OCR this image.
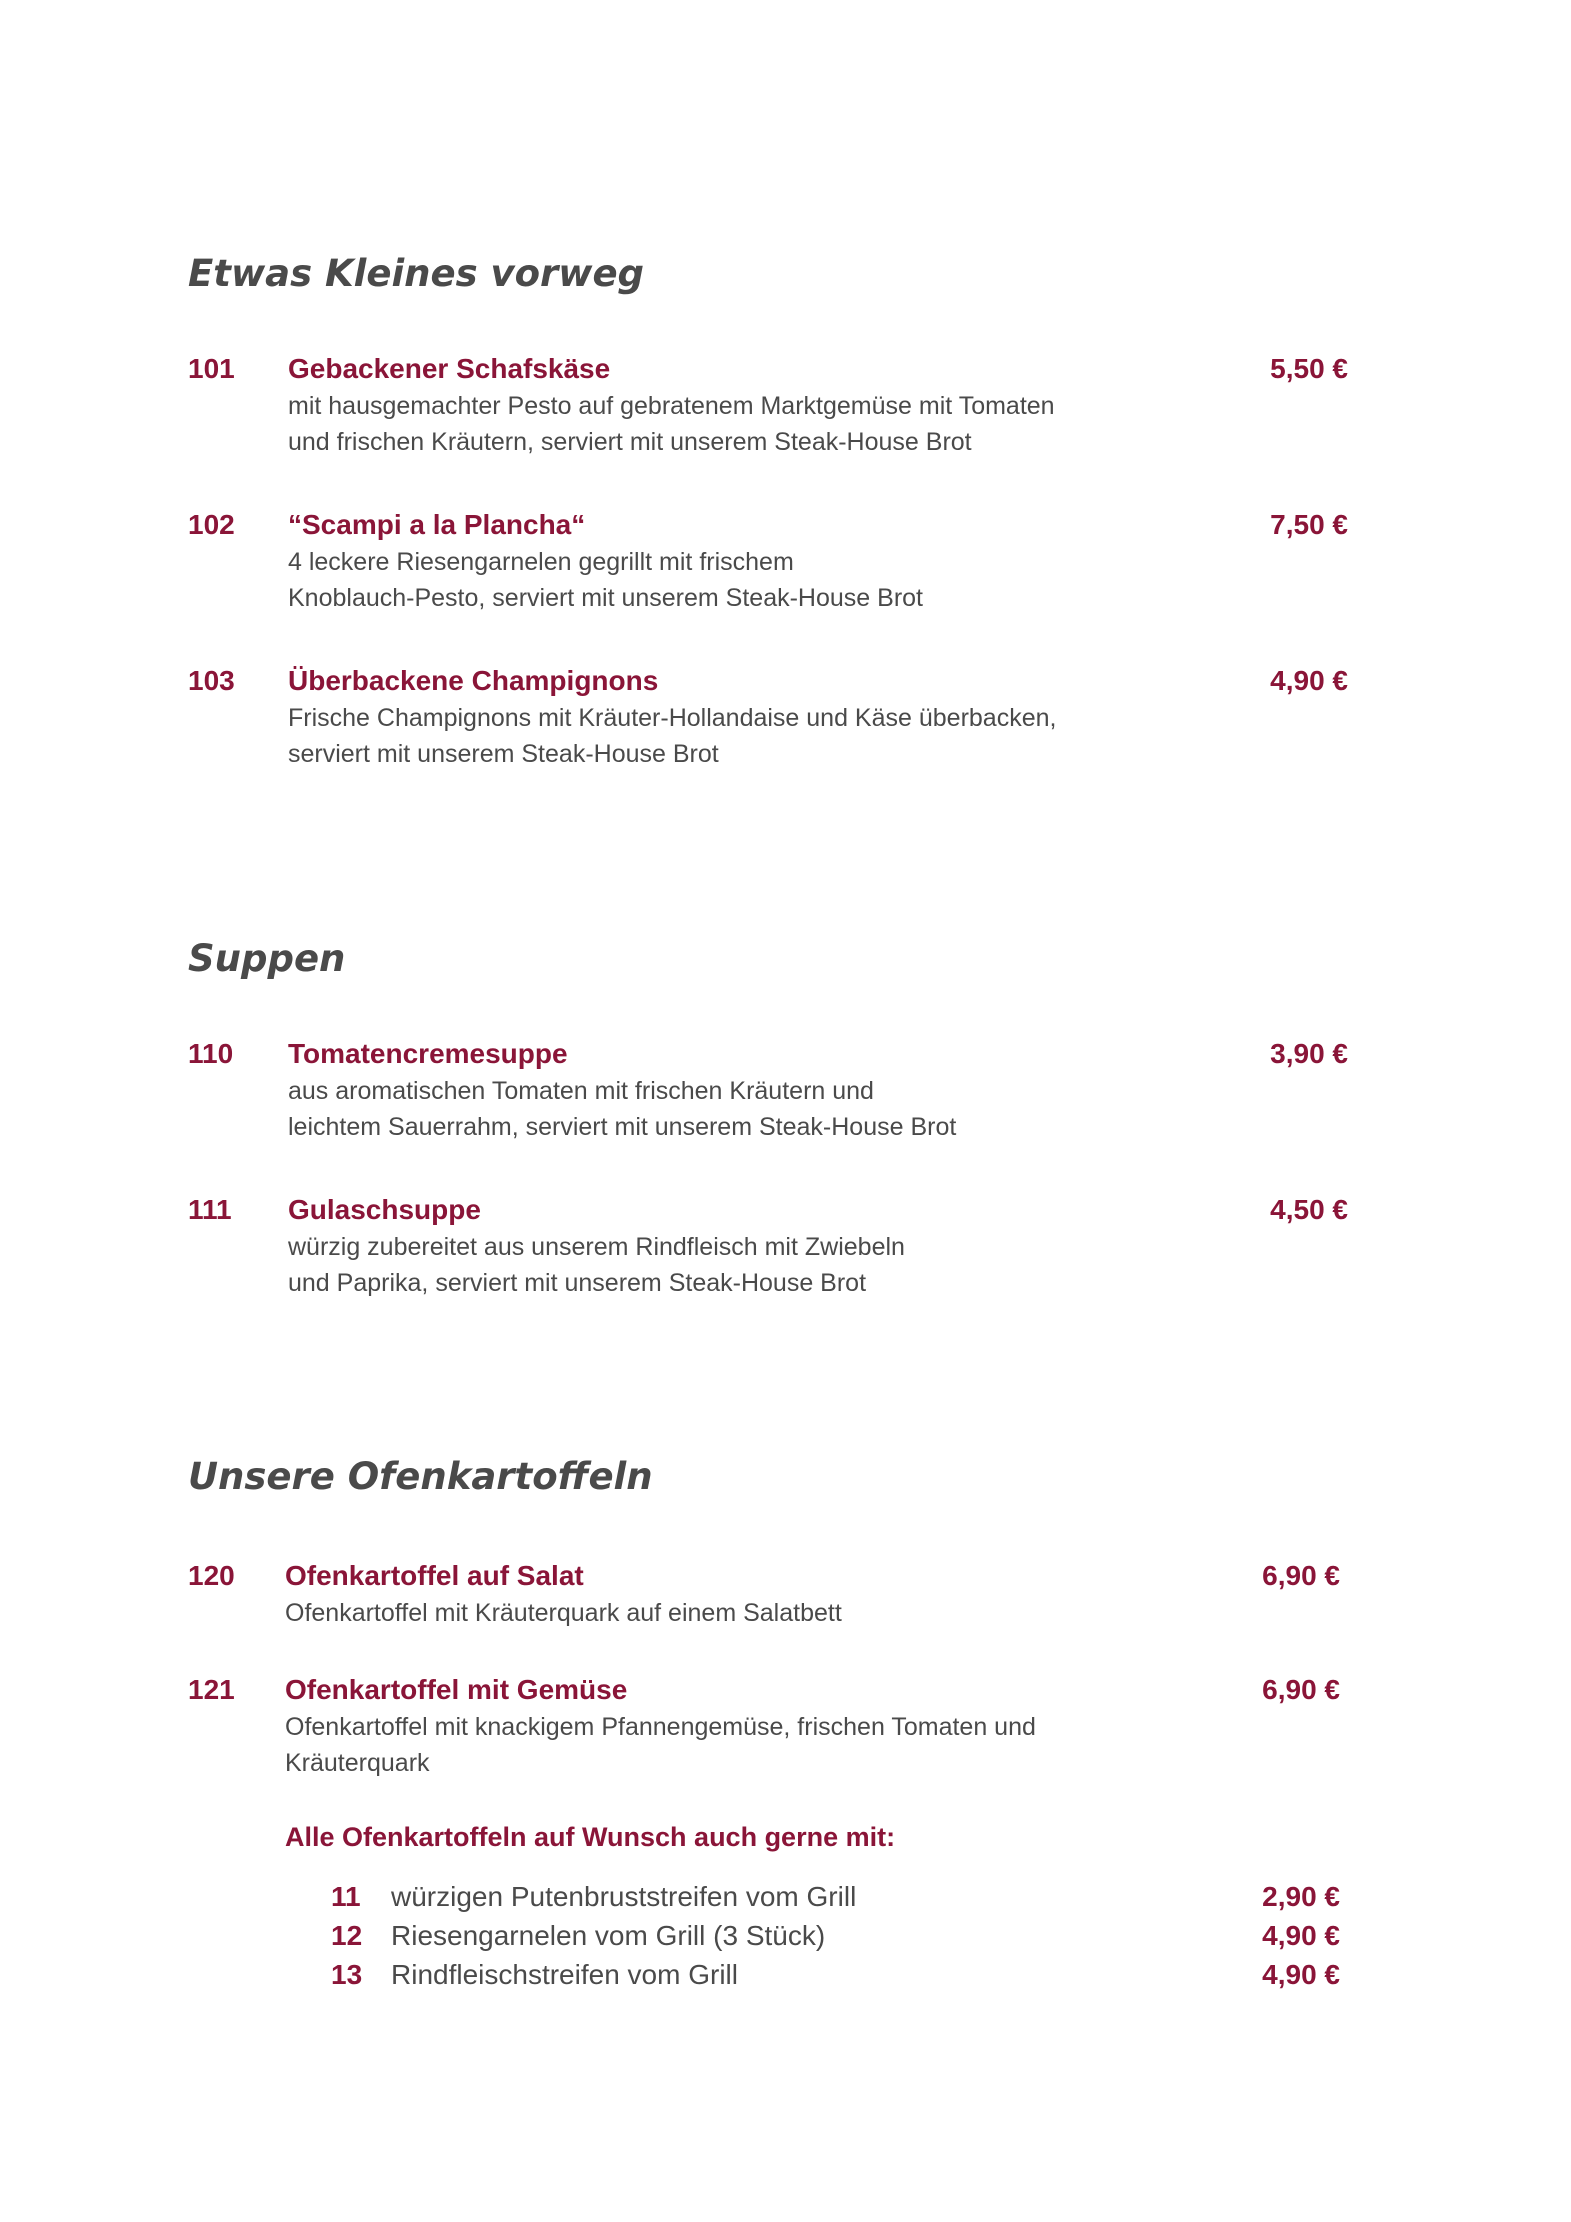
Etwas Kleines vorweg
101 Gebackener Schafskäse	5,50 €
mit hausgemachter Pesto auf gebratenem Marktgemüse mit Tomaten
und frischen Kräutern, serviert mit unserem Steak-House Brot
102 “Scampi a la Plancha“	7,50 €
4 leckere Riesengarnelen gegrillt mit frischem
Knoblauch-Pesto, serviert mit unserem Steak-House Brot
103 Überbackene Champignons	4,90 €
Frische Champignons mit Kräuter-Hollandaise und Käse überbacken,
serviert mit unserem Steak-House Brot
Suppen
110 Tomatencremesuppe	3,90 €
aus aromatischen Tomaten mit frischen Kräutern und
leichtem Sauerrahm, serviert mit unserem Steak-House Brot
111 Gulaschsuppe	4,50 €
würzig zubereitet aus unserem Rindfleisch mit Zwiebeln
und Paprika, serviert mit unserem Steak-House Brot
Unsere Ofenkartoffeln
120 Ofenkartoffel auf Salat	6,90 €
Ofenkartoffel mit Kräuterquark auf einem Salatbett
121 Ofenkartoffel mit Gemüse	6,90 €
Ofenkartoffel mit knackigem Pfannengemüse, frischen Tomaten und
Kräuterquark
Alle Ofenkartoffeln auf Wunsch auch gerne mit:
11 würzigen Putenbruststreifen vom Grill	2,90 €
12 Riesengarnelen vom Grill (3 Stück)	4,90 €
13 Rindfleischstreifen vom Grill	4,90 €
